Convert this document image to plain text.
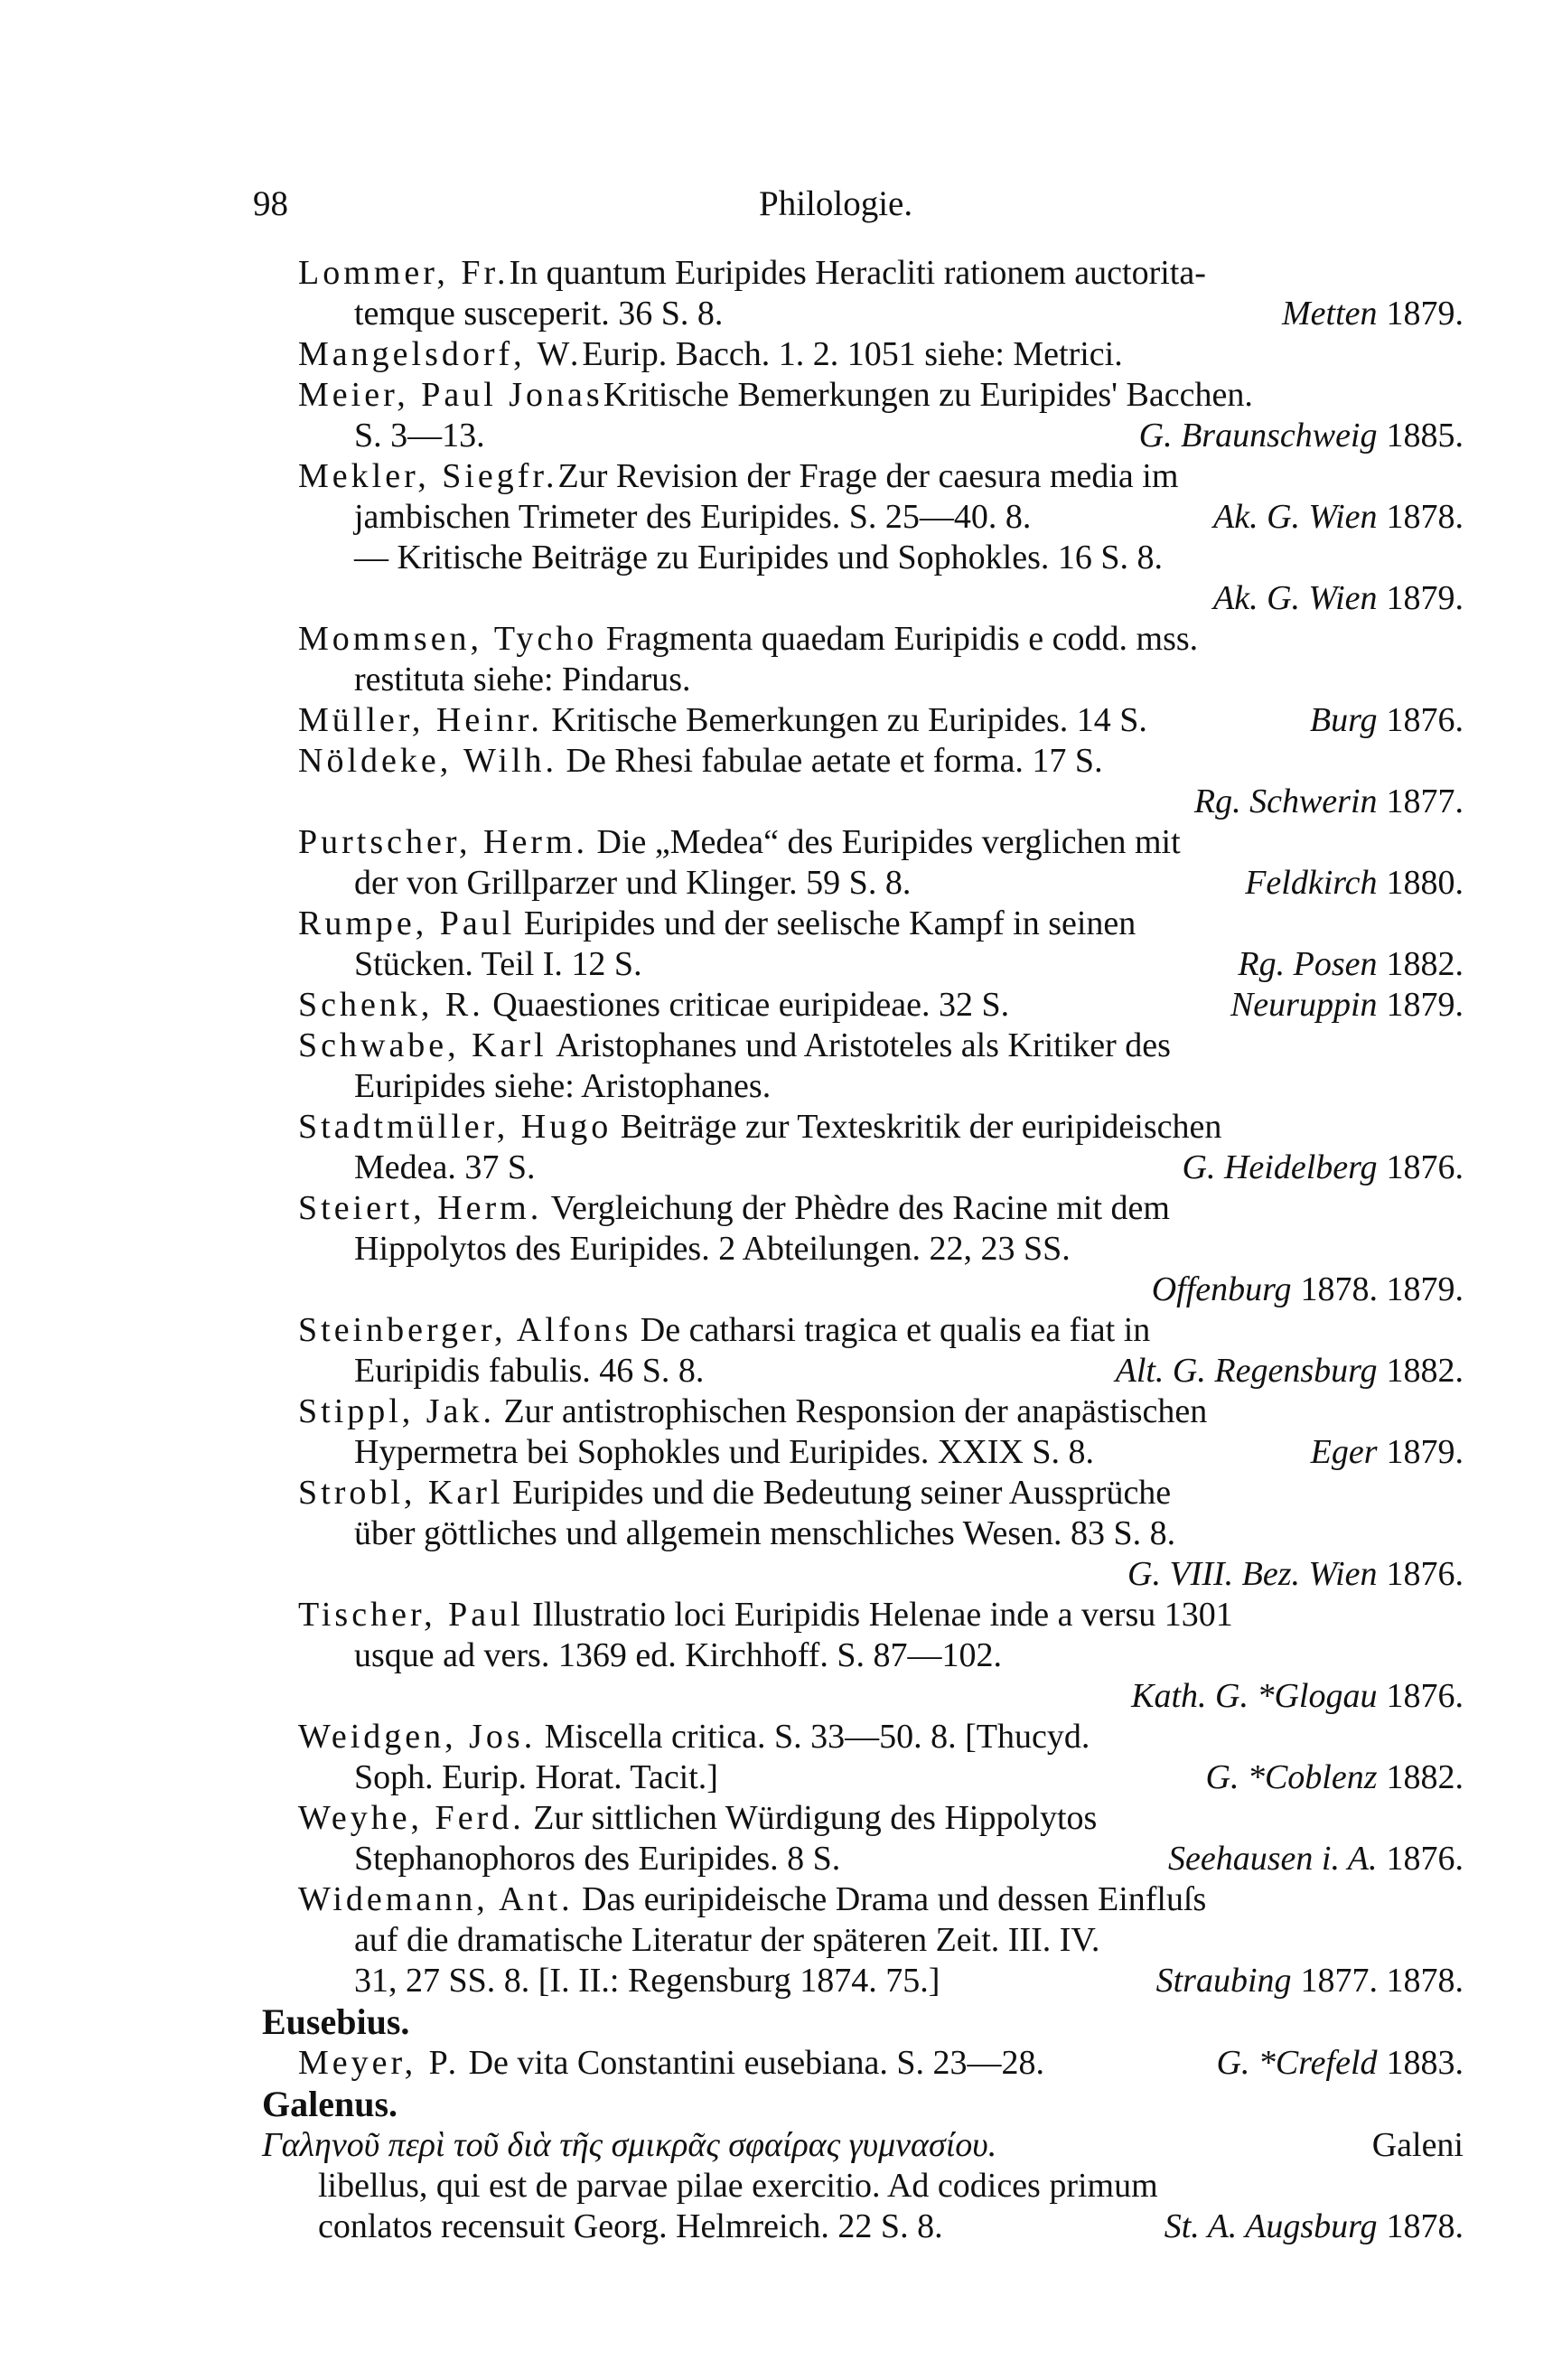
98	Philologie.
Lommer, Fr. In quantum Euripides Heracliti rationem auctorita-
temque susceperit. 36 S. 8.	Metten 1879.
Mangelsdorf, W. Eurip. Bacch. 1. 2. 1051 siehe: Metrici.
Meier, Paul Jonas Kritische Bemerkungen zu Euripides' Bacchen.
S. 3—13.	G. Braunschweig 1885.
Mekler, Siegfr. Zur Revision der Frage der caesura media im
jambischen Trimeter des Euripides. S. 25—40. 8.	Ak. G. Wien 1878.
— Kritische Beiträge zu Euripides und Sophokles. 16 S. 8.
Ak. G. Wien 1879.
Mommsen, Tycho Fragmenta quaedam Euripidis e codd. mss.
restituta siehe: Pindarus.
Müller, Heinr. Kritische Bemerkungen zu Euripides. 14 S.	Burg 1876.
Nöldeke, Wilh. De Rhesi fabulae aetate et forma. 17 S.
Rg. Schwerin 1877.
Purtscher, Herm. Die „Medea“ des Euripides verglichen mit
der von Grillparzer und Klinger. 59 S. 8.	Feldkirch 1880.
Rumpe, Paul Euripides und der seelische Kampf in seinen
Stücken. Teil I. 12 S.	Rg. Posen 1882.
Schenk, R. Quaestiones criticae euripideae. 32 S.	Neuruppin 1879.
Schwabe, Karl Aristophanes und Aristoteles als Kritiker des
Euripides siehe: Aristophanes.
Stadtmüller, Hugo Beiträge zur Texteskritik der euripideischen
Medea. 37 S.	G. Heidelberg 1876.
Steiert, Herm. Vergleichung der Phèdre des Racine mit dem
Hippolytos des Euripides. 2 Abteilungen. 22, 23 SS.
Offenburg 1878. 1879.
Steinberger, Alfons De catharsi tragica et qualis ea fiat in
Euripidis fabulis. 46 S. 8.	Alt. G. Regensburg 1882.
Stippl, Jak. Zur antistrophischen Responsion der anapästischen
Hypermetra bei Sophokles und Euripides. XXIX S. 8.	Eger 1879.
Strobl, Karl Euripides und die Bedeutung seiner Aussprüche
über göttliches und allgemein menschliches Wesen. 83 S. 8.
G. VIII. Bez. Wien 1876.
Tischer, Paul Illustratio loci Euripidis Helenae inde a versu 1301
usque ad vers. 1369 ed. Kirchhoff. S. 87—102.
Kath. G. *Glogau 1876.
Weidgen, Jos. Miscella critica. S. 33—50. 8. [Thucyd.
Soph. Eurip. Horat. Tacit.]	G. *Coblenz 1882.
Weyhe, Ferd. Zur sittlichen Würdigung des Hippolytos
Stephanophoros des Euripides. 8 S.	Seehausen i. A. 1876.
Widemann, Ant. Das euripideische Drama und dessen Einfluſs
auf die dramatische Literatur der späteren Zeit. III. IV.
31, 27 SS. 8. [I. II.: Regensburg 1874. 75.]	Straubing 1877. 1878.
Eusebius.
Meyer, P. De vita Constantini eusebiana. S. 23—28.	G. *Crefeld 1883.
Galenus.
Γαληνοῦ περὶ τοῦ διὰ τῆς σμικρᾶς σφαίρας γυμνασίου.	Galeni
libellus, qui est de parvae pilae exercitio. Ad codices primum
conlatos recensuit Georg. Helmreich. 22 S. 8.	St. A. Augsburg 1878.
